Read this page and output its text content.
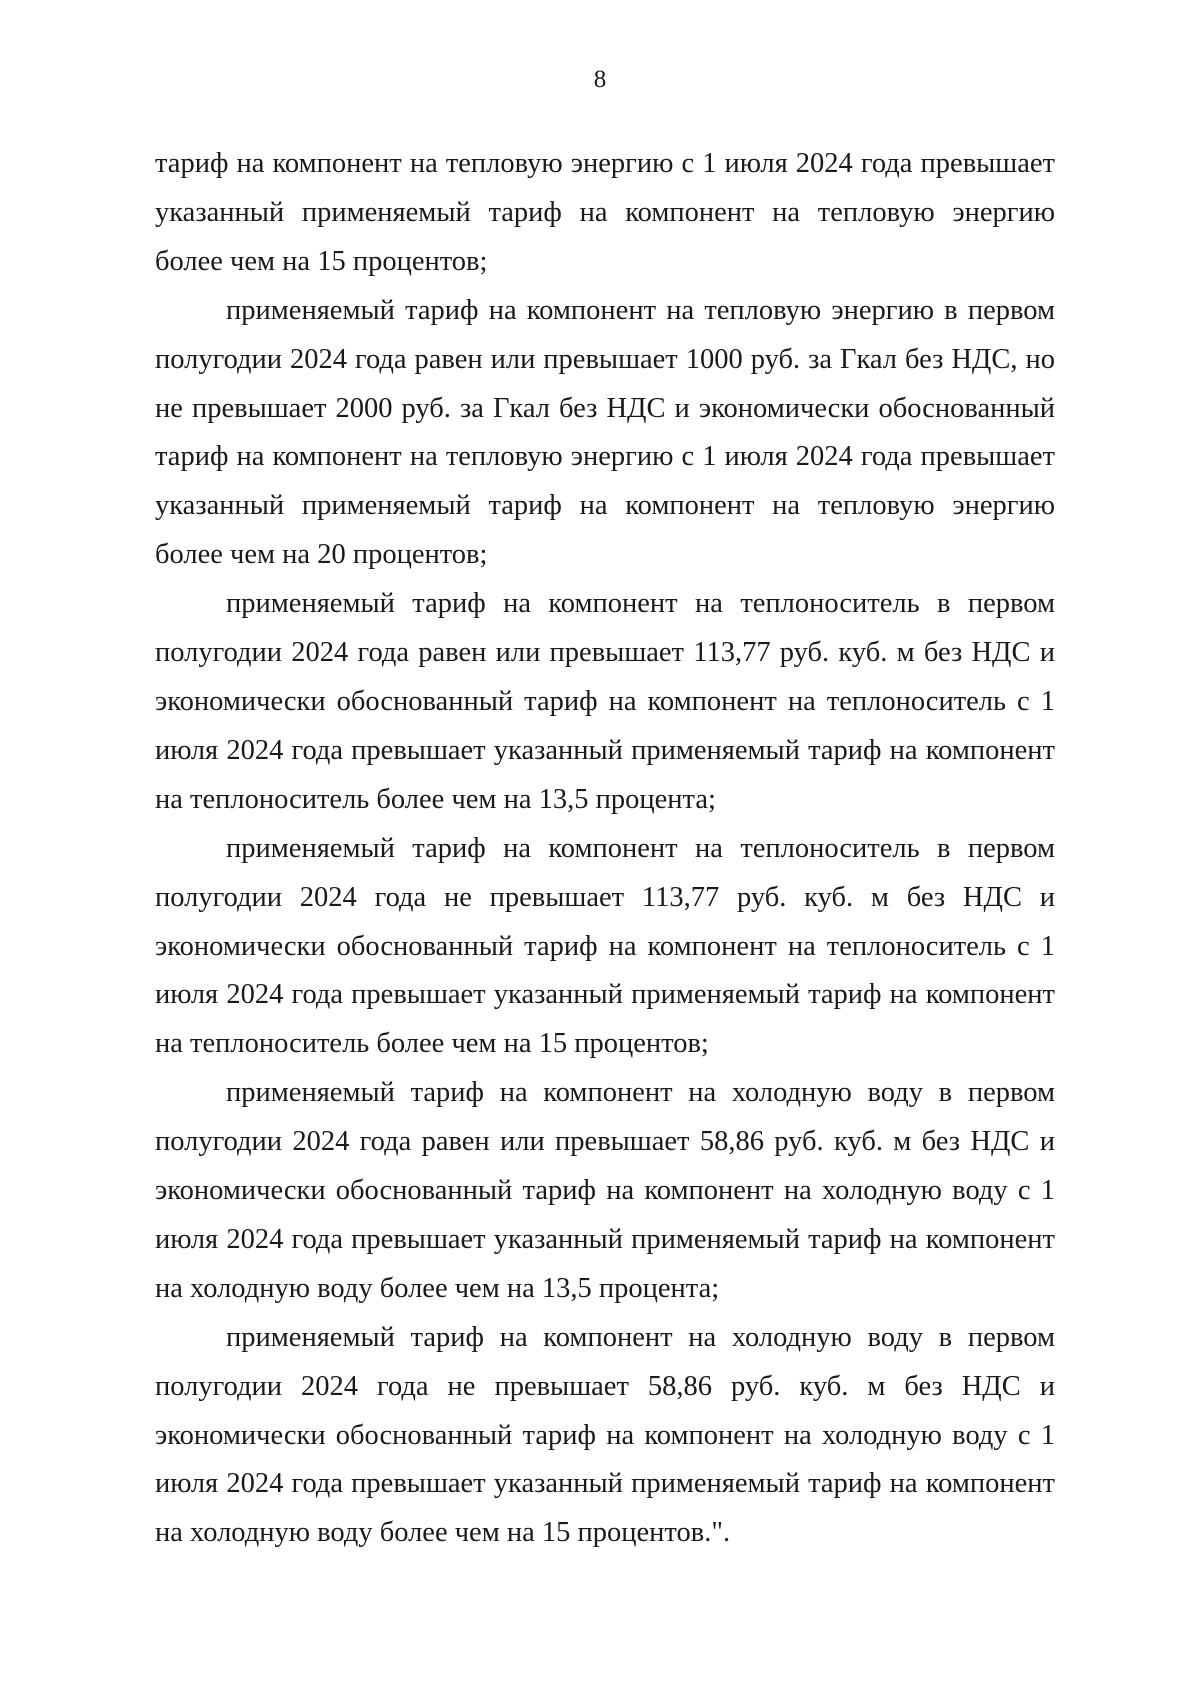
8

тариф на компонент на тепловую энергию с 1 июля 2024 года превышает указанный применяемый тариф на компонент на тепловую энергию более чем на 15 процентов;

применяемый тариф на компонент на тепловую энергию в первом полугодии 2024 года равен или превышает 1000 руб. за Гкал без НДС, но не превышает 2000 руб. за Гкал без НДС и экономически обоснованный тариф на компонент на тепловую энергию с 1 июля 2024 года превышает указанный применяемый тариф на компонент на тепловую энергию более чем на 20 процентов;

применяемый тариф на компонент на теплоноситель в первом полугодии 2024 года равен или превышает 113,77 руб. куб. м без НДС и экономически обоснованный тариф на компонент на теплоноситель с 1 июля 2024 года превышает указанный применяемый тариф на компонент на теплоноситель более чем на 13,5 процента;

применяемый тариф на компонент на теплоноситель в первом полугодии 2024 года не превышает 113,77 руб. куб. м без НДС и экономически обоснованный тариф на компонент на теплоноситель с 1 июля 2024 года превышает указанный применяемый тариф на компонент на теплоноситель более чем на 15 процентов;

применяемый тариф на компонент на холодную воду в первом полугодии 2024 года равен или превышает 58,86 руб. куб. м без НДС и экономически обоснованный тариф на компонент на холодную воду с 1 июля 2024 года превышает указанный применяемый тариф на компонент на холодную воду более чем на 13,5 процента;

применяемый тариф на компонент на холодную воду в первом полугодии 2024 года не превышает 58,86 руб. куб. м без НДС и экономически обоснованный тариф на компонент на холодную воду с 1 июля 2024 года превышает указанный применяемый тариф на компонент на холодную воду более чем на 15 процентов.".
